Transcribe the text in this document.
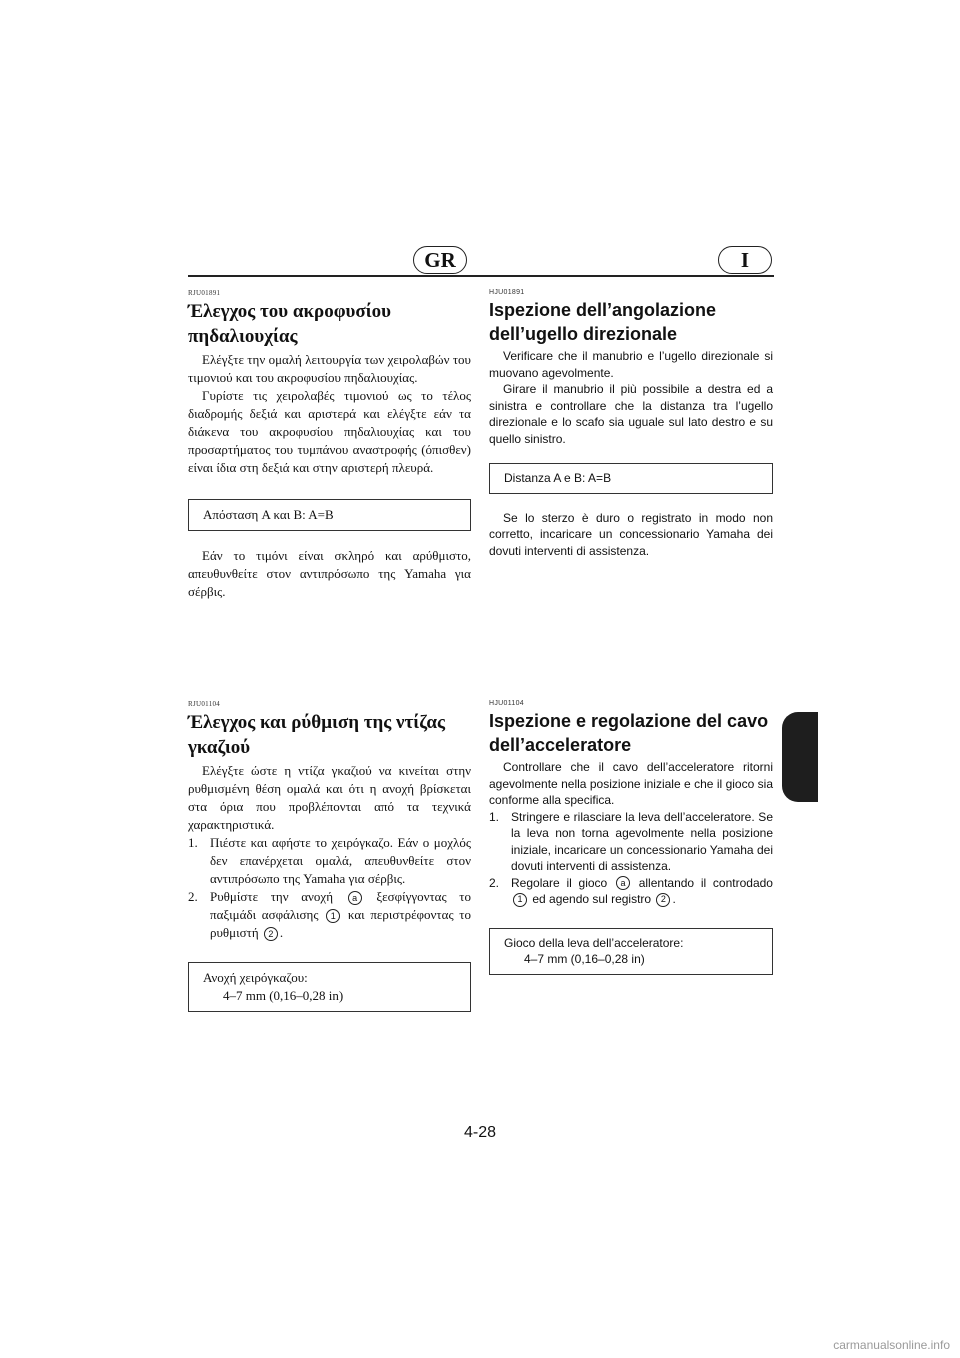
GR	I
RJU01891
Έλεγχος του ακροφυσίου πηδαλιουχίας

Ελέγξτε την ομαλή λειτουργία των χειρολαβών του τιμονιού και του ακροφυσίου πηδαλιουχίας.

Γυρίστε τις χειρολαβές τιμονιού ως το τέλος διαδρομής δεξιά και αριστερά και ελέγξτε εάν τα διάκενα του ακροφυσίου πηδαλιουχίας και του προσαρτήματος του τυμπάνου αναστροφής (όπισθεν) είναι ίδια στη δεξιά και στην αριστερή πλευρά.

Απόσταση A και B: A=B

Εάν το τιμόνι είναι σκληρό και αρύθμιστο, απευθυνθείτε στον αντιπρόσωπο της Yamaha για σέρβις.

HJU01891
Ispezione dell’angolazione dell’ugello direzionale

Verificare che il manubrio e l’ugello direzionale si muovano agevolmente.

Girare il manubrio il più possibile a destra ed a sinistra e controllare che la distanza tra l’ugello direzionale e lo scafo sia uguale sul lato destro e su quello sinistro.

Distanza A e B: A=B

Se lo sterzo è duro o registrato in modo non corretto, incaricare un concessionario Yamaha dei dovuti interventi di assistenza.

RJU01104
Έλεγχος και ρύθμιση της ντίζας γκαζιού

Ελέγξτε ώστε η ντίζα γκαζιού να κινείται στην ρυθμισμένη θέση ομαλά και ότι η ανοχή βρίσκεται στα όρια που προβλέπονται από τα τεχνικά χαρακτηριστικά.

1. Πιέστε και αφήστε το χειρόγκαζο. Εάν ο μοχλός δεν επανέρχεται ομαλά, απευθυνθείτε στον αντιπρόσωπο της Yamaha για σέρβις.
2. Ρυθμίστε την ανοχή a ξεσφίγγοντας το παξιμάδι ασφάλισης 1 και περιστρέφοντας το ρυθμιστή 2 .
Ανοχή χειρόγκαζου:
4–7 mm (0,16–0,28 in)
HJU01104
Ispezione e regolazione del cavo dell’acceleratore

Controllare che il cavo dell’acceleratore ritorni agevolmente nella posizione iniziale e che il gioco sia conforme alla specifica.

1. Stringere e rilasciare la leva dell’acceleratore. Se la leva non torna agevolmente nella posizione iniziale, incaricare un concessionario Yamaha dei dovuti interventi di assistenza.
2. Regolare il gioco a allentando il controdado 1 ed agendo sul registro 2 .
Gioco della leva dell’acceleratore:
4–7 mm (0,16–0,28 in)
4-28
carmanualsonline.info
